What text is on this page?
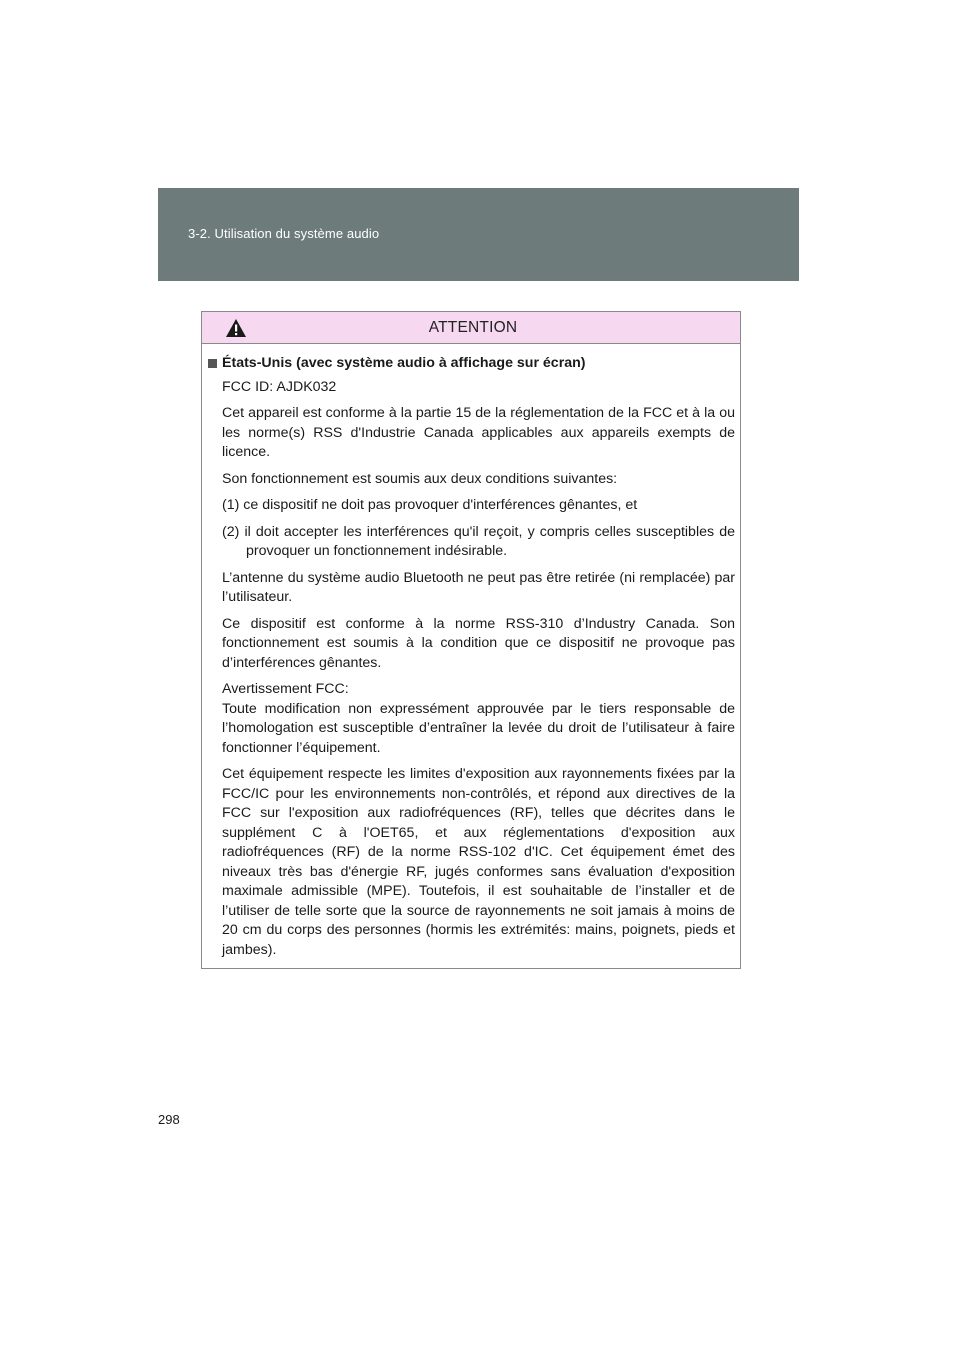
3-2. Utilisation du système audio
ATTENTION
États-Unis (avec système audio à affichage sur écran)

FCC ID: AJDK032

Cet appareil est conforme à la partie 15 de la réglementation de la FCC et à la ou les norme(s) RSS d'Industrie Canada applicables aux appareils exempts de licence.

Son fonctionnement est soumis aux deux conditions suivantes:

(1) ce dispositif ne doit pas provoquer d'interférences gênantes, et

(2) il doit accepter les interférences qu'il reçoit, y compris celles susceptibles de provoquer un fonctionnement indésirable.

L’antenne du système audio Bluetooth ne peut pas être retirée (ni remplacée) par l’utilisateur.

Ce dispositif est conforme à la norme RSS-310 d’Industry Canada. Son fonctionnement est soumis à la condition que ce dispositif ne provoque pas d’interférences gênantes.

Avertissement FCC:

Toute modification non expressément approuvée par le tiers responsable de l’homologation est susceptible d’entraîner la levée du droit de l’utilisateur à faire fonctionner l’équipement.

Cet équipement respecte les limites d'exposition aux rayonnements fixées par la FCC/IC pour les environnements non-contrôlés, et répond aux directives de la FCC sur l'exposition aux radiofréquences (RF), telles que décrites dans le supplément C à l'OET65, et aux réglementations d'exposition aux radiofréquences (RF) de la norme RSS-102 d'IC. Cet équipement émet des niveaux très bas d'énergie RF, jugés conformes sans évaluation d'exposition maximale admissible (MPE). Toutefois, il est souhaitable de l’installer et de l’utiliser de telle sorte que la source de rayonnements ne soit jamais à moins de 20 cm du corps des personnes (hormis les extrémités: mains, poignets, pieds et jambes).

298
